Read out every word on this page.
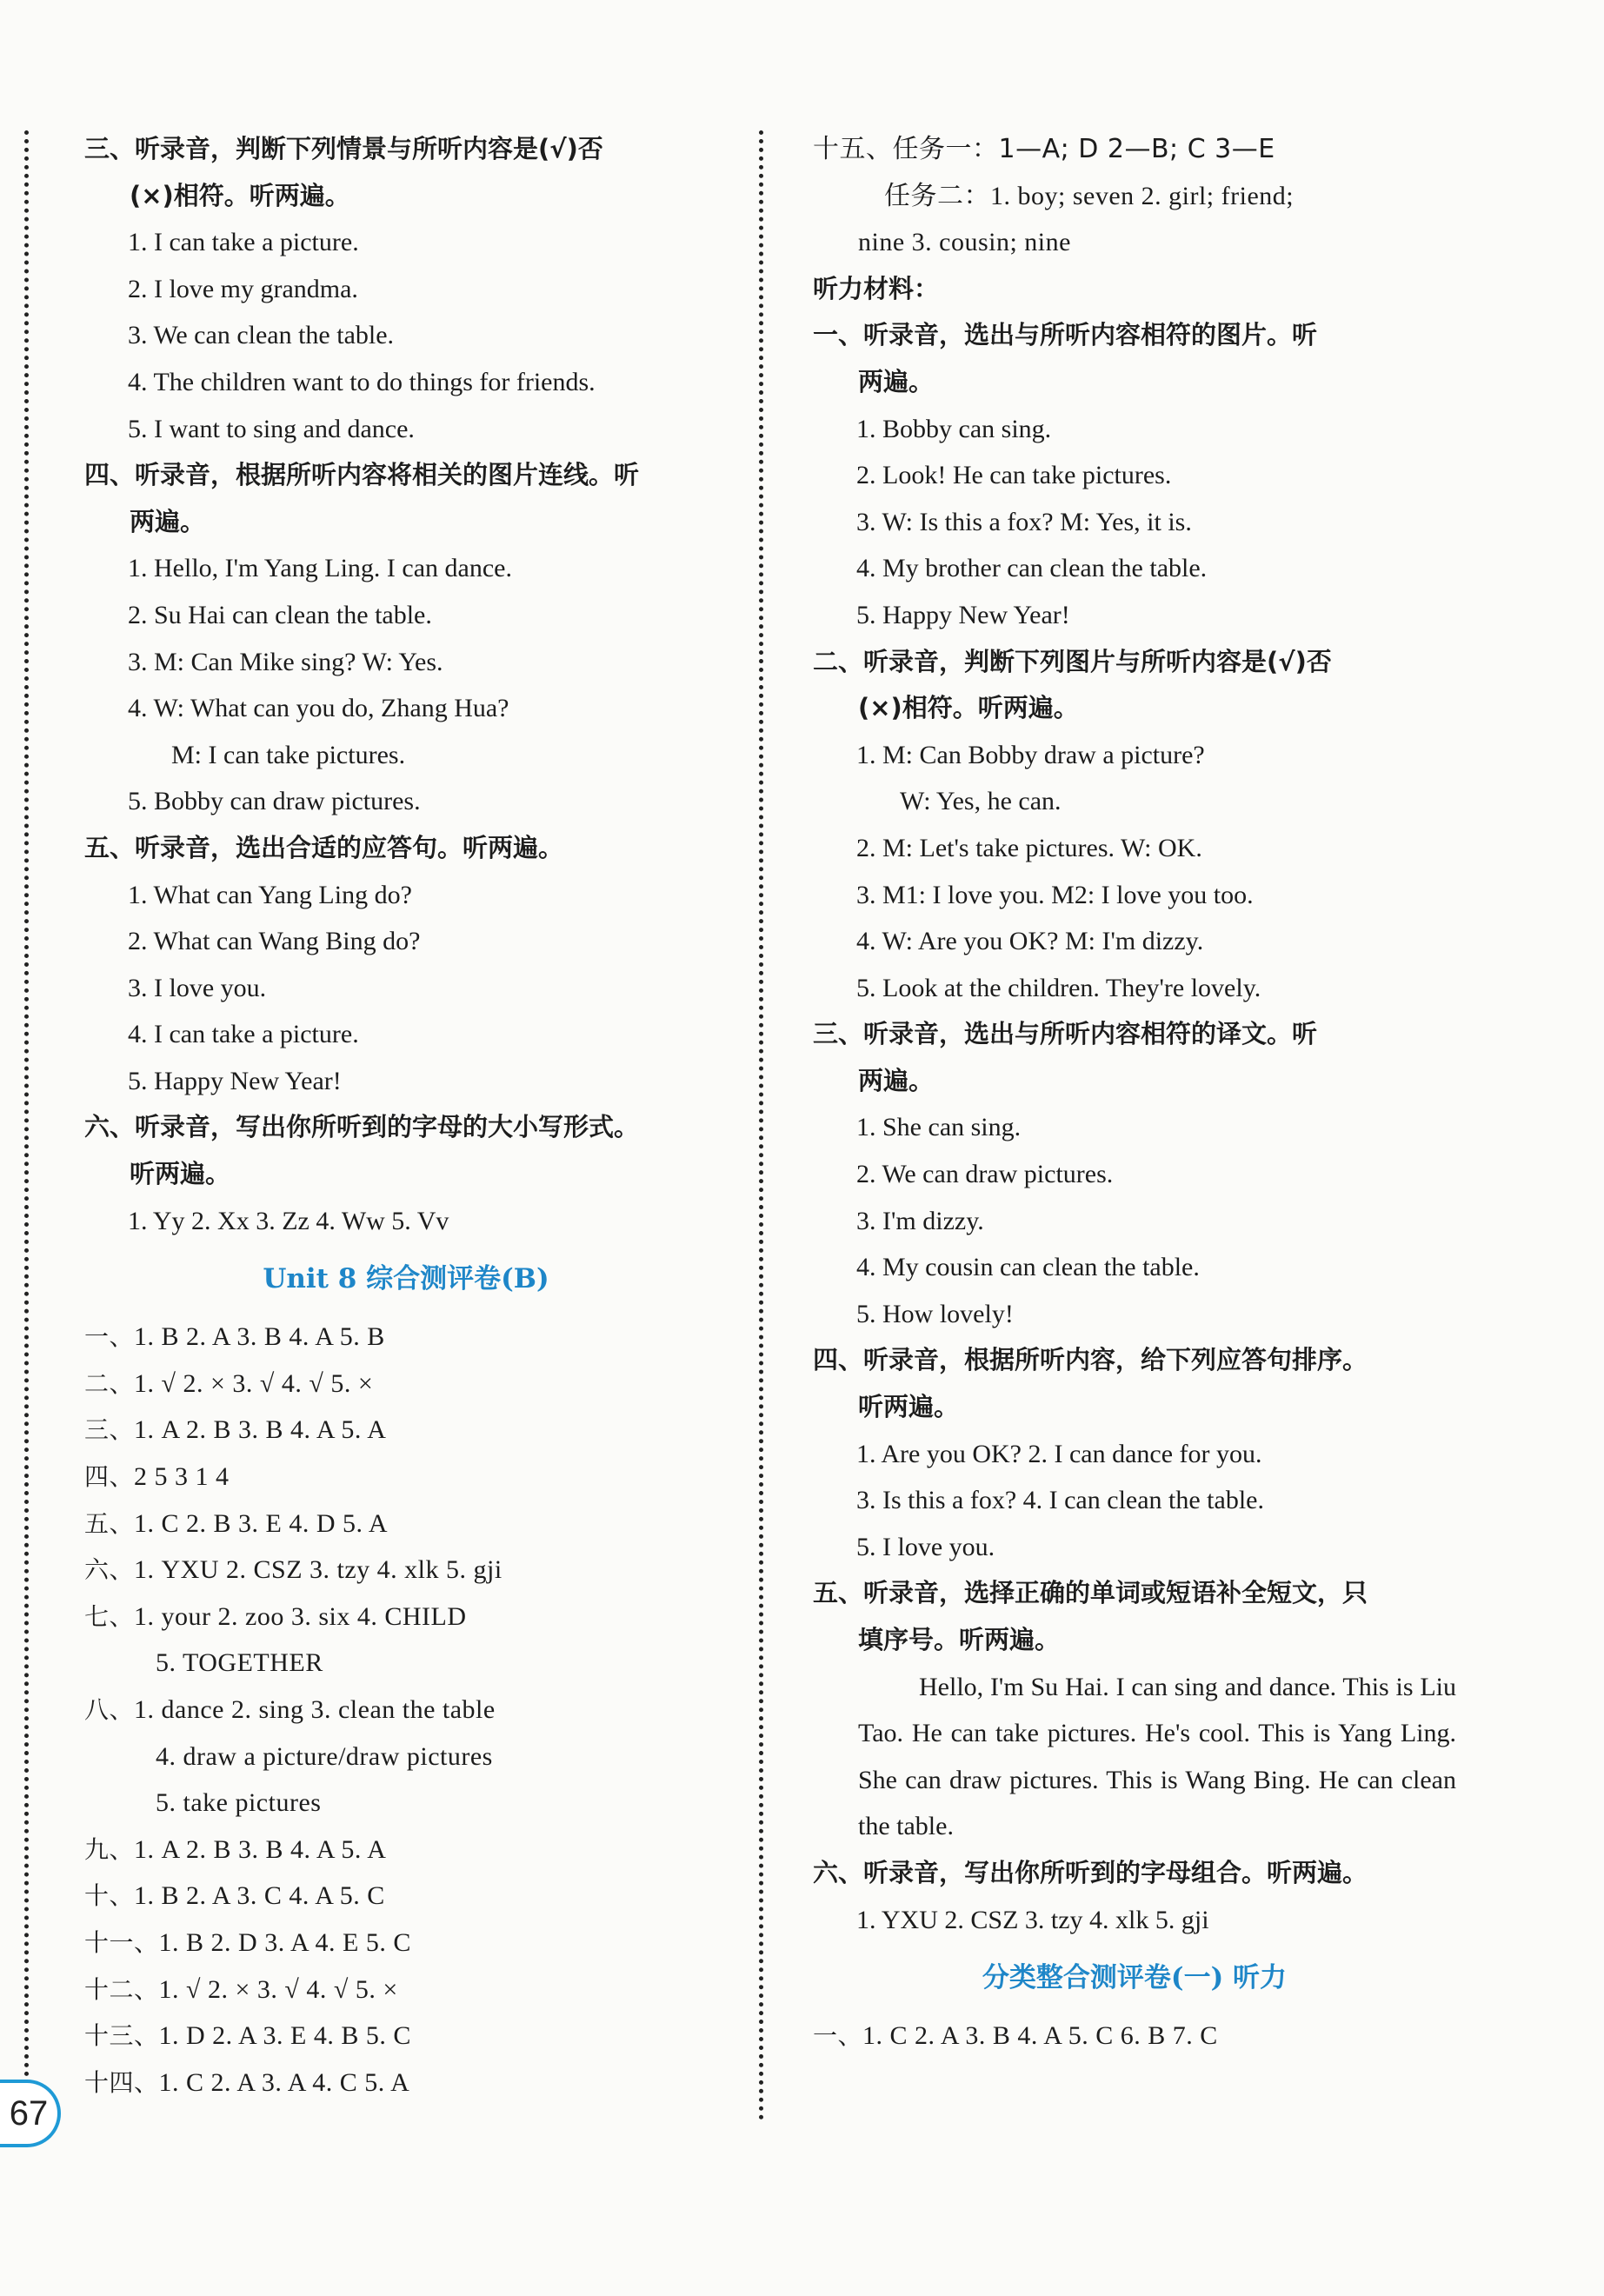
三、听录音，判断下列情景与所听内容是(√)否
(×)相符。听两遍。
1. I can take a picture.
2. I love my grandma.
3. We can clean the table.
4. The children want to do things for friends.
5. I want to sing and dance.
四、听录音，根据所听内容将相关的图片连线。听
两遍。
1. Hello, I'm Yang Ling. I can dance.
2. Su Hai can clean the table.
3. M: Can Mike sing? W: Yes.
4. W: What can you do, Zhang Hua?
M: I can take pictures.
5. Bobby can draw pictures.
五、听录音，选出合适的应答句。听两遍。
1. What can Yang Ling do?
2. What can Wang Bing do?
3. I love you.
4. I can take a picture.
5. Happy New Year!
六、听录音，写出你所听到的字母的大小写形式。
听两遍。
1. Yy 2. Xx 3. Zz 4. Ww 5. Vv
Unit 8 综合测评卷(B)
一、1. B 2. A 3. B 4. A 5. B
二、1. √ 2. × 3. √ 4. √ 5. ×
三、1. A 2. B 3. B 4. A 5. A
四、2 5 3 1 4
五、1. C 2. B 3. E 4. D 5. A
六、1. YXU 2. CSZ 3. tzy 4. xlk 5. gji
七、1. your 2. zoo 3. six 4. CHILD
5. TOGETHER
八、1. dance 2. sing 3. clean the table
4. draw a picture/draw pictures
5. take pictures
九、1. A 2. B 3. B 4. A 5. A
十、1. B 2. A 3. C 4. A 5. C
十一、1. B 2. D 3. A 4. E 5. C
十二、1. √ 2. × 3. √ 4. √ 5. ×
十三、1. D 2. A 3. E 4. B 5. C
十四、1. C 2. A 3. A 4. C 5. A
十五、任务一：1—A; D 2—B; C 3—E
任务二：1. boy; seven 2. girl; friend;
nine 3. cousin; nine
听力材料：
一、听录音，选出与所听内容相符的图片。听
两遍。
1. Bobby can sing.
2. Look! He can take pictures.
3. W: Is this a fox? M: Yes, it is.
4. My brother can clean the table.
5. Happy New Year!
二、听录音，判断下列图片与所听内容是(√)否
(×)相符。听两遍。
1. M: Can Bobby draw a picture?
W: Yes, he can.
2. M: Let's take pictures. W: OK.
3. M1: I love you. M2: I love you too.
4. W: Are you OK? M: I'm dizzy.
5. Look at the children. They're lovely.
三、听录音，选出与所听内容相符的译文。听
两遍。
1. She can sing.
2. We can draw pictures.
3. I'm dizzy.
4. My cousin can clean the table.
5. How lovely!
四、听录音，根据所听内容，给下列应答句排序。
听两遍。
1. Are you OK? 2. I can dance for you.
3. Is this a fox? 4. I can clean the table.
5. I love you.
五、听录音，选择正确的单词或短语补全短文，只
填序号。听两遍。

Hello, I'm Su Hai. I can sing and dance. This is Liu Tao. He can take pictures. He's cool. This is Yang Ling. She can draw pictures. This is Wang Bing. He can clean the table.

六、听录音，写出你所听到的字母组合。听两遍。
1. YXU 2. CSZ 3. tzy 4. xlk 5. gji
分类整合测评卷(一) 听力
一、1. C 2. A 3. B 4. A 5. C 6. B 7. C
67
